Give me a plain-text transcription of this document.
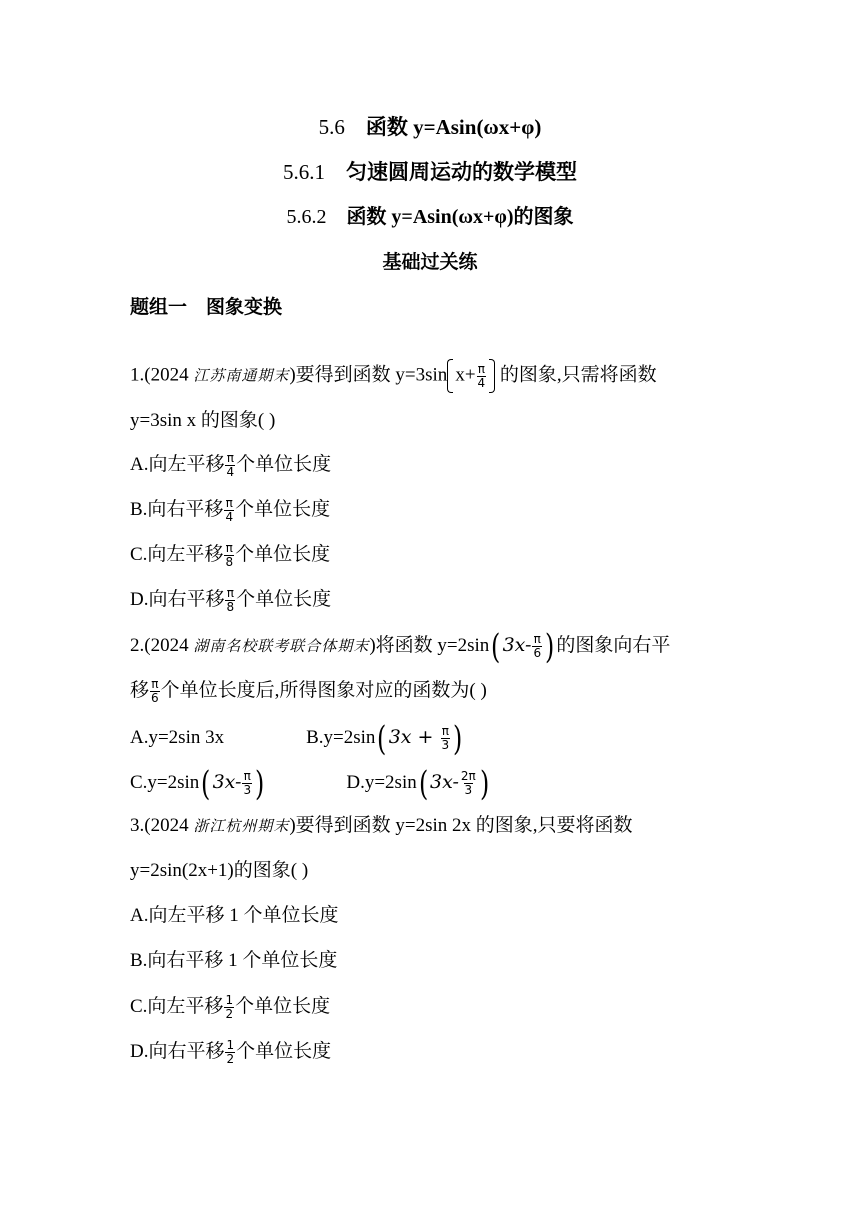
5.6 函数 y=Asin(ωx+φ)
5.6.1 匀速圆周运动的数学模型
5.6.2 函数 y=Asin(ωx+φ)的图象
基础过关练
题组一 图象变换
1.(2024 江苏南通期末)要得到函数 y=3sin $x+ \frac{\pi}{4}$ 的图象,只需将函数
y=3sin x 的图象( )
A.向左平移 $\frac{\pi}{4}$ 个单位长度
B.向右平移 $\frac{\pi}{4}$ 个单位长度
C.向左平移 $\frac{\pi}{8}$ 个单位长度
D.向右平移 $\frac{\pi}{8}$ 个单位长度
2.(2024 湖南名校联考联合体期末)将函数 y=2sin( $3x- \frac{\pi}{6}$ ) 的图象向右平
移 $\frac{\pi}{6}$ 个单位长度后,所得图象对应的函数为( )
A.y=2sin 3x	B.y=2sin( $3x + \frac{\pi}{3}$ )
C.y=2sin( $3x- \frac{\pi}{3}$ )	D.y=2sin( $3x- \frac{2\pi}{3}$ )
3.(2024 浙江杭州期末)要得到函数 y=2sin 2x 的图象,只要将函数
y=2sin(2x+1)的图象( )
A.向左平移 1 个单位长度
B.向右平移 1 个单位长度
C.向左平移 $\frac{1}{2}$ 个单位长度
D.向右平移 $\frac{1}{2}$ 个单位长度
